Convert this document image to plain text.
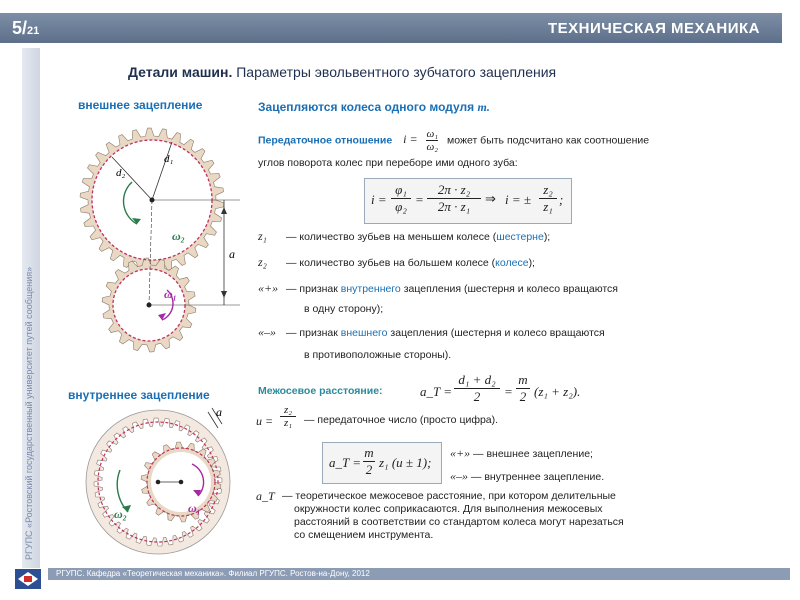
5/21	ТЕХНИЧЕСКАЯ МЕХАНИКА
РГУПС «Ростовский государственный университет путей сообщения»
РГУПС. Кафедра «Теоретическая механика». Филиал РГУПС. Ростов-на-Дону, 2012
Детали машин. Параметры эвольвентного зубчатого зацепления
внешнее зацепление
внутреннее зацепление
d₂
d₁
ω₂
ω₁
a
ω₂	ω₁
a
Зацепляются колеса одного модуля m.
Передаточное отношение $i = \frac{\text{ω₁}}{\text{ω₂}}$ может быть подсчитано как соотношение
углов поворота колес при переборе ими одного зуба:
i =
φ₁
φ₂ =
2π · z₂
2π · z₁
⇒ i = ±
z₂
z₁ ;
z₁ — количество зубьев на меньшем колесе (шестерне);
z₂ — количество зубьев на большем колесе (колесе);
«+» — признак внутреннего зацепления (шестерня и колесо вращаются
в одну сторону);
«–» — признак внешнего зацепления (шестерня и колесо вращаются
в противоположные стороны).
Межосевое расстояние:	a_T =
d₁ + d₂
2	=
m
2 (z₁ + z₂).
u =
z₂
z₁	— передаточное число (просто цифра).
a_T =
m
2 z₁ (u ± 1);
«+» — внешнее зацепление;
«–» — внутреннее зацепление.
a_T — теоретическое межосевое расстояние, при котором делительные
окружности колес соприкасаются. Для выполнения межосевых
расстояний в соответствии со стандартом колеса могут нарезаться
со смещением инструмента.
